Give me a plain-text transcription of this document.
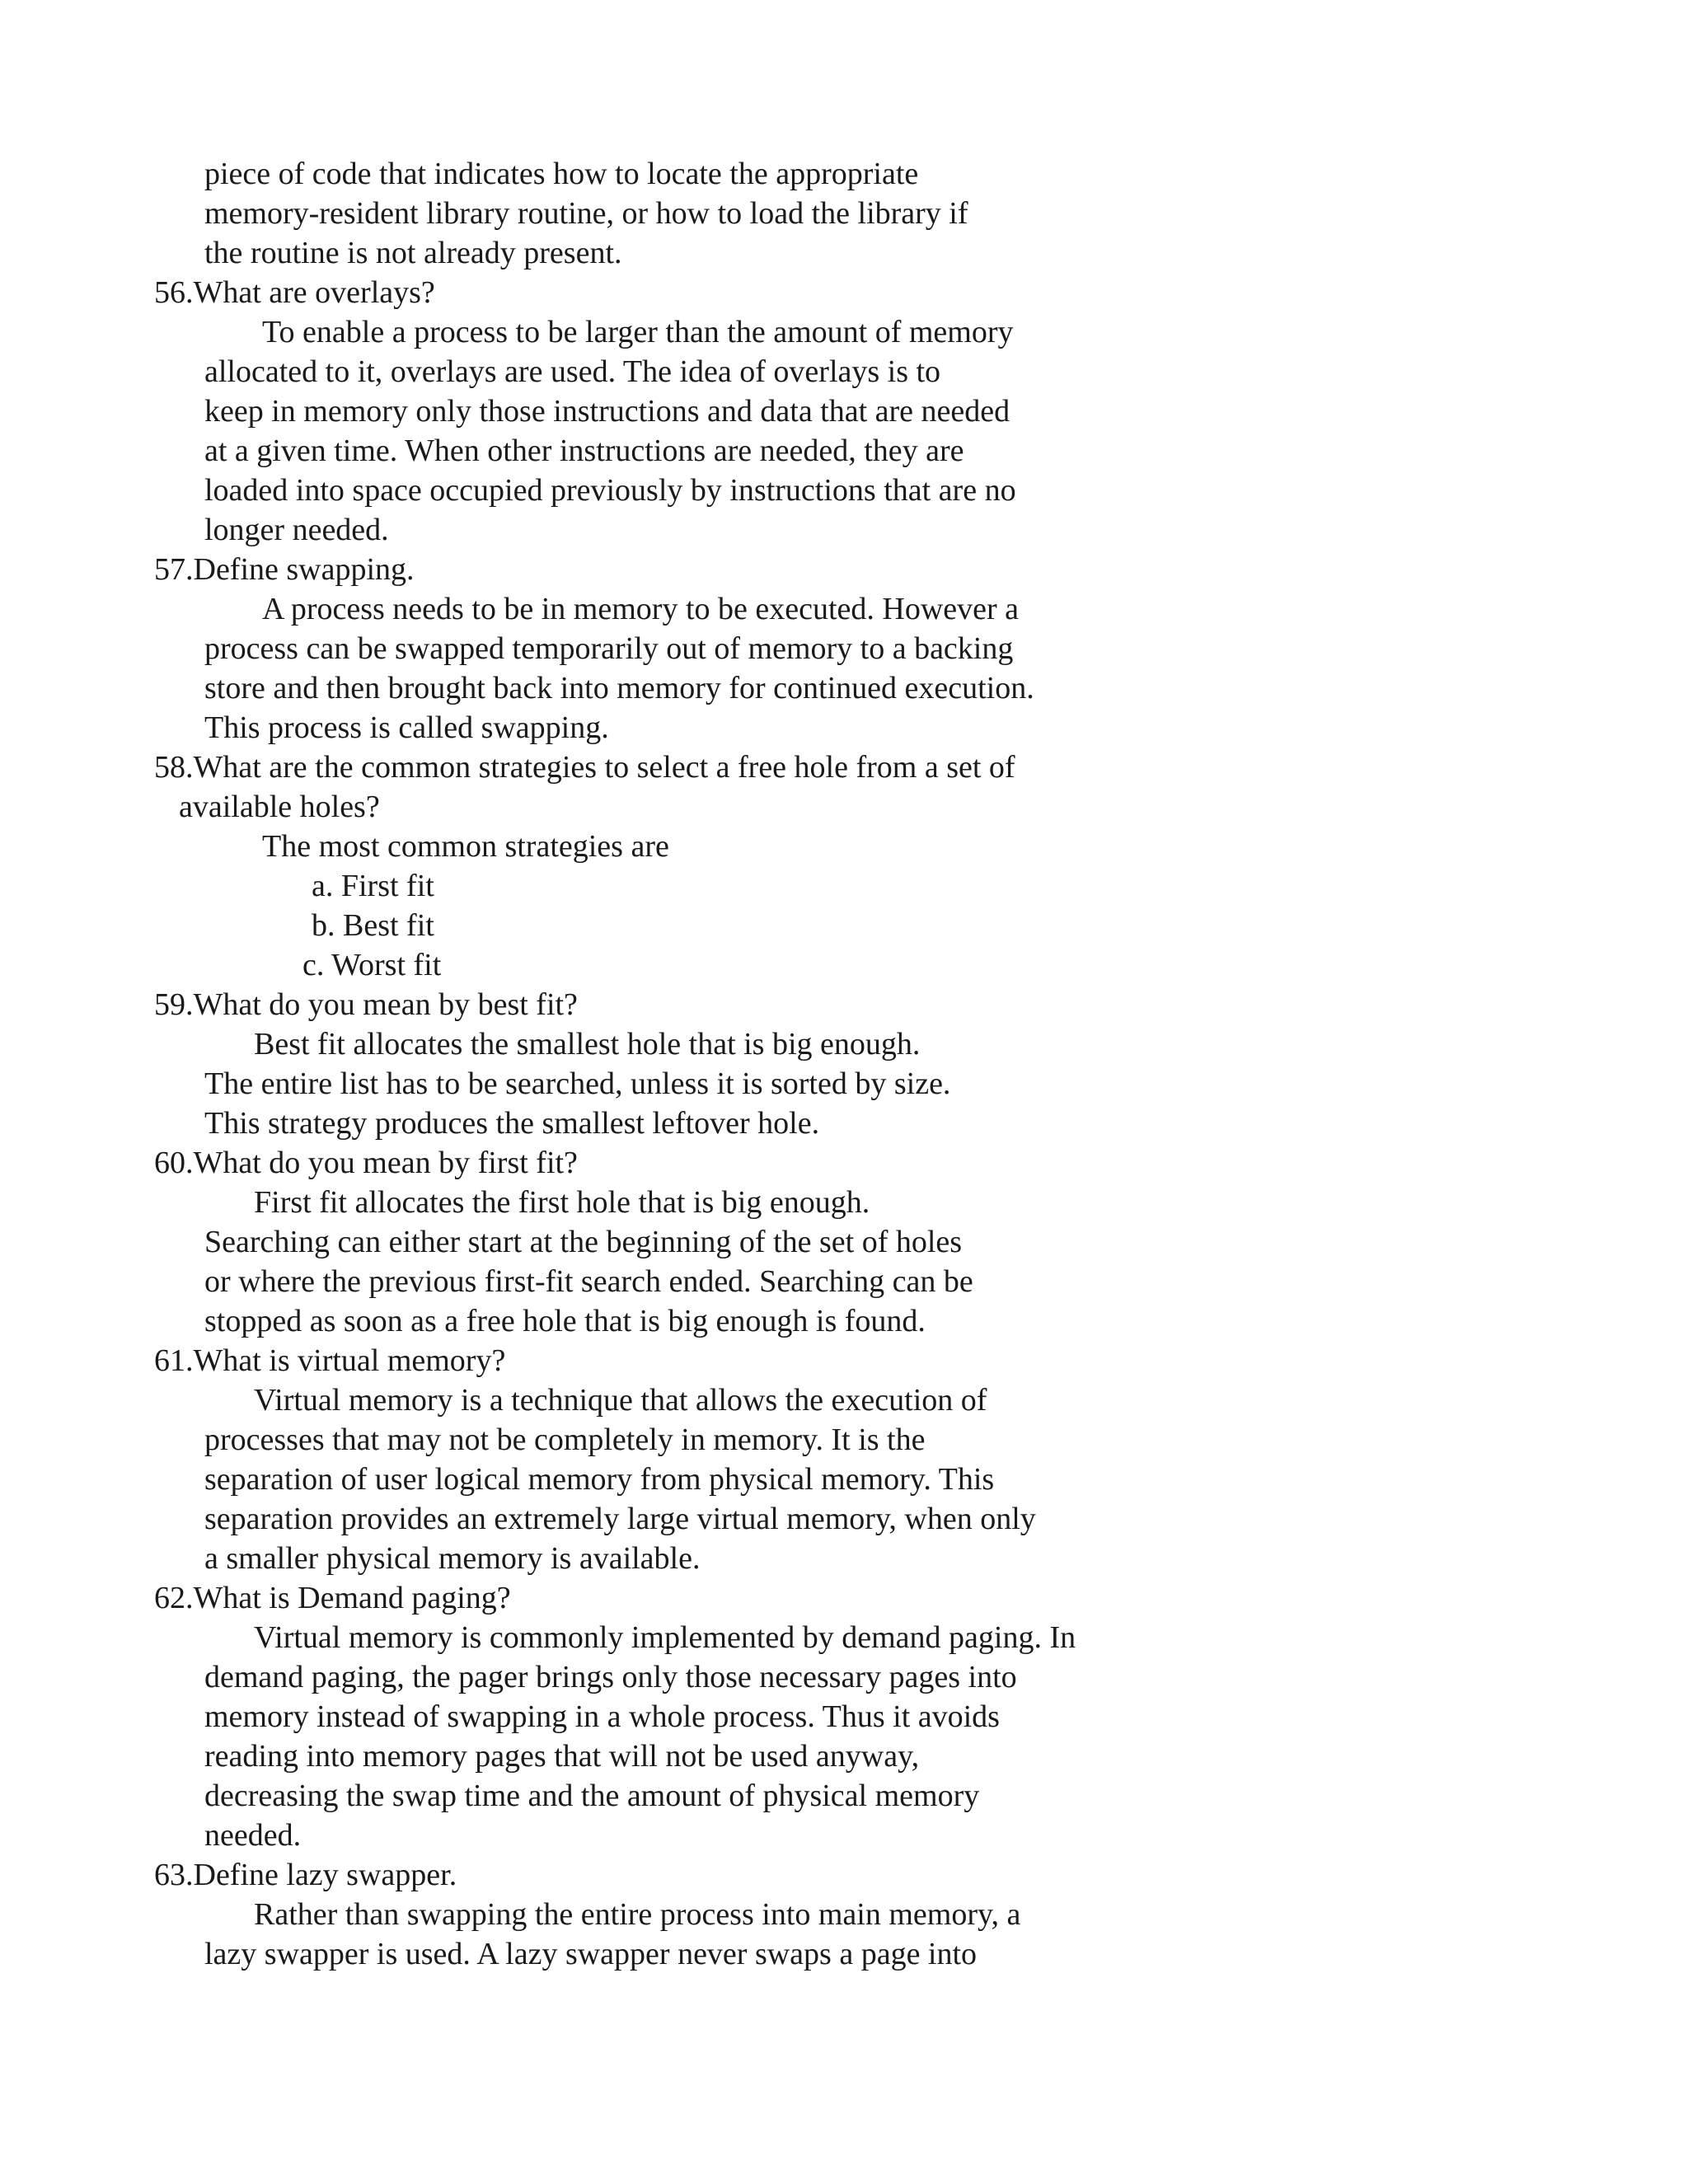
piece of code that indicates how to locate the appropriate
memory-resident library routine, or how to load the library if
the routine is not already present.
56.What are overlays?
To enable a process to be larger than the amount of memory
allocated to it, overlays are used. The idea of overlays is to
keep in memory only those instructions and data that are needed
at a given time. When other instructions are needed, they are
loaded into space occupied previously by instructions that are no
longer needed.
57.Define swapping.
A process needs to be in memory to be executed. However a
process can be swapped temporarily out of memory to a backing
store and then brought back into memory for continued execution.
This process is called swapping.
58.What are the common strategies to select a free hole from a set of
available holes?
The most common strategies are
a. First fit
b. Best fit
c. Worst fit
59.What do you mean by best fit?
Best fit allocates the smallest hole that is big enough.
The entire list has to be searched, unless it is sorted by size.
This strategy produces the smallest leftover hole.
60.What do you mean by first fit?
First fit allocates the first hole that is big enough.
Searching can either start at the beginning of the set of holes
or where the previous first-fit search ended. Searching can be
stopped as soon as a free hole that is big enough is found.
61.What is virtual memory?
Virtual memory is a technique that allows the execution of
processes that may not be completely in memory. It is the
separation of user logical memory from physical memory. This
separation provides an extremely large virtual memory, when only
a smaller physical memory is available.
62.What is Demand paging?
Virtual memory is commonly implemented by demand paging. In
demand paging, the pager brings only those necessary pages into
memory instead of swapping in a whole process. Thus it avoids
reading into memory pages that will not be used anyway,
decreasing the swap time and the amount of physical memory
needed.
63.Define lazy swapper.
Rather than swapping the entire process into main memory, a
lazy swapper is used. A lazy swapper never swaps a page into
